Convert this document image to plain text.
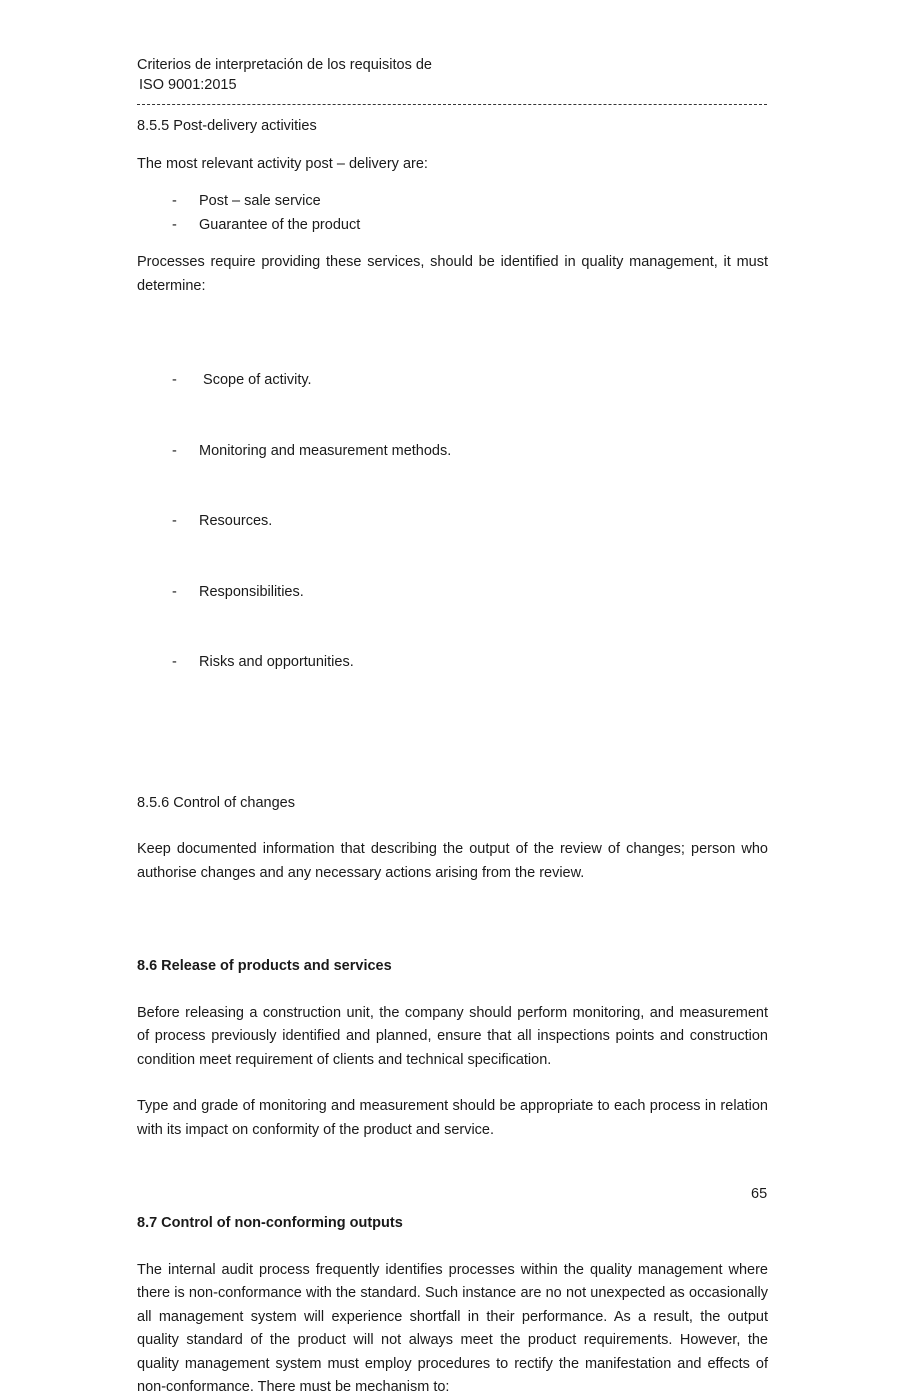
Criterios de interpretación de los requisitos de
ISO 9001:2015

8.5.5 Post-delivery activities

The most relevant activity post – delivery are:

- Post – sale service
- Guarantee of the product

Processes require providing these services, should be identified in quality management, it must determine:

- Scope of activity.

- Monitoring and measurement methods.

- Resources.

- Responsibilities.

- Risks and opportunities.

8.5.6 Control of changes

Keep documented information that describing the output of the review of changes; person who authorise changes and any necessary actions arising from the review.

8.6 Release of products and services

Before releasing a construction unit, the company should perform monitoring, and measurement of process previously identified and planned, ensure that all inspections points and construction condition meet requirement of clients and technical specification.

Type and grade of monitoring and measurement should be appropriate to each process in relation with its impact on conformity of the product and service.

8.7 Control of non-conforming outputs

The internal audit process frequently identifies processes within the quality management where there is non-conformance with the standard. Such instance are no not unexpected as occasionally all management system will experience shortfall in their performance. As a result, the output quality standard of the product will not always meet the product requirements. However, the quality management system must employ procedures to rectify the manifestation and effects of non-conformance. There must be mechanism to:

65
